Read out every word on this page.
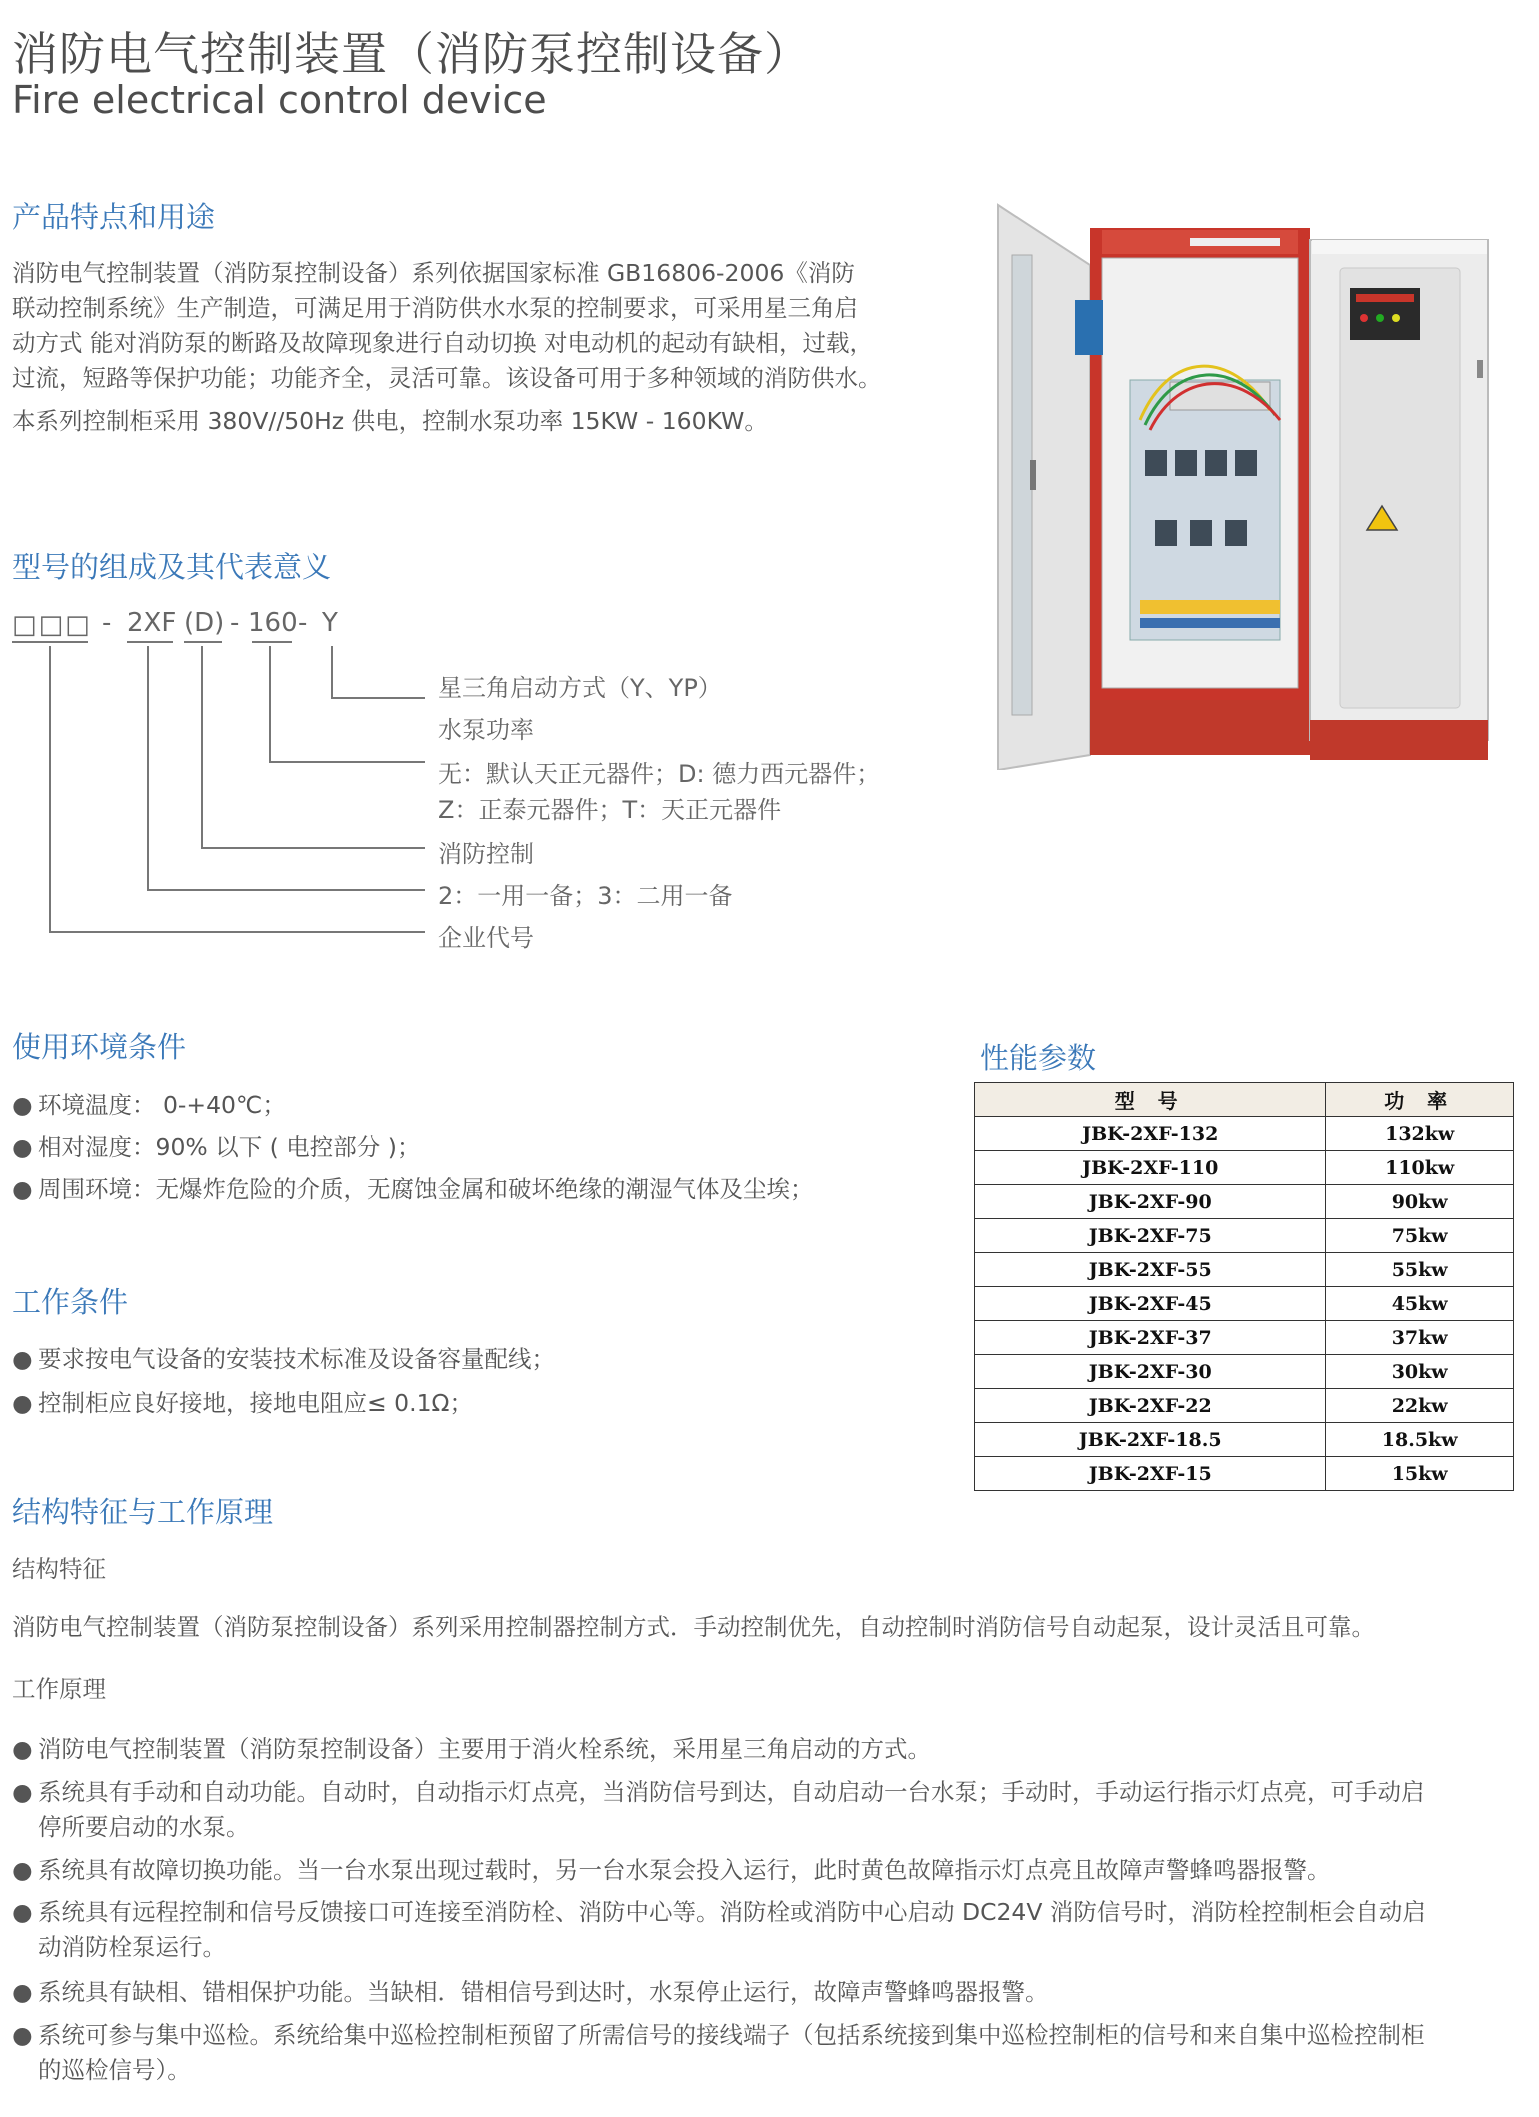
消防电气控制装置（消防泵控制设备）
Fire electrical control device
产品特点和用途
消防电气控制装置（消防泵控制设备）系列依据国家标准 GB16806-2006《消防
联动控制系统》生产制造，可满足用于消防供水水泵的控制要求，可采用星三角启
动方式 能对消防泵的断路及故障现象进行自动切换 对电动机的起动有缺相，过载，
过流，短路等保护功能；功能齐全，灵活可靠。该设备可用于多种领域的消防供水。
本系列控制柜采用 380V//50Hz 供电，控制水泵功率 15KW - 160KW。
型号的组成及其代表意义
□□□ - 2XF (D) - 160 - Y
星三角启动方式（Y、YP）
水泵功率
无：默认天正元器件；D: 德力西元器件；
Z：正泰元器件；T：天正元器件
消防控制
2：一用一备；3：二用一备
企业代号
使用环境条件
● 环境温度： 0-+40℃；
● 相对湿度：90% 以下 ( 电控部分 )；
● 周围环境：无爆炸危险的介质，无腐蚀金属和破坏绝缘的潮湿气体及尘埃；
工作条件
● 要求按电气设备的安装技术标准及设备容量配线；
● 控制柜应良好接地，接地电阻应≤ 0.1Ω；
性能参数
型 号	功 率
JBK-2XF-132	132kw
JBK-2XF-110	110kw
JBK-2XF-90	90kw
JBK-2XF-75	75kw
JBK-2XF-55	55kw
JBK-2XF-45	45kw
JBK-2XF-37	37kw
JBK-2XF-30	30kw
JBK-2XF-22	22kw
JBK-2XF-18.5	18.5kw
JBK-2XF-15	15kw
结构特征与工作原理
结构特征
消防电气控制装置（消防泵控制设备）系列采用控制器控制方式．手动控制优先，自动控制时消防信号自动起泵，设计灵活且可靠。
工作原理
● 消防电气控制装置（消防泵控制设备）主要用于消火栓系统，采用星三角启动的方式。
● 系统具有手动和自动功能。自动时，自动指示灯点亮，当消防信号到达，自动启动一台水泵；手动时，手动运行指示灯点亮，可手动启
停所要启动的水泵。
● 系统具有故障切换功能。当一台水泵出现过载时，另一台水泵会投入运行，此时黄色故障指示灯点亮且故障声警蜂鸣器报警。
● 系统具有远程控制和信号反馈接口可连接至消防栓、消防中心等。消防栓或消防中心启动 DC24V 消防信号时，消防栓控制柜会自动启
动消防栓泵运行。
● 系统具有缺相、错相保护功能。当缺相．错相信号到达时，水泵停止运行，故障声警蜂鸣器报警。
● 系统可参与集中巡检。系统给集中巡检控制柜预留了所需信号的接线端子（包括系统接到集中巡检控制柜的信号和来自集中巡检控制柜
的巡检信号）。
